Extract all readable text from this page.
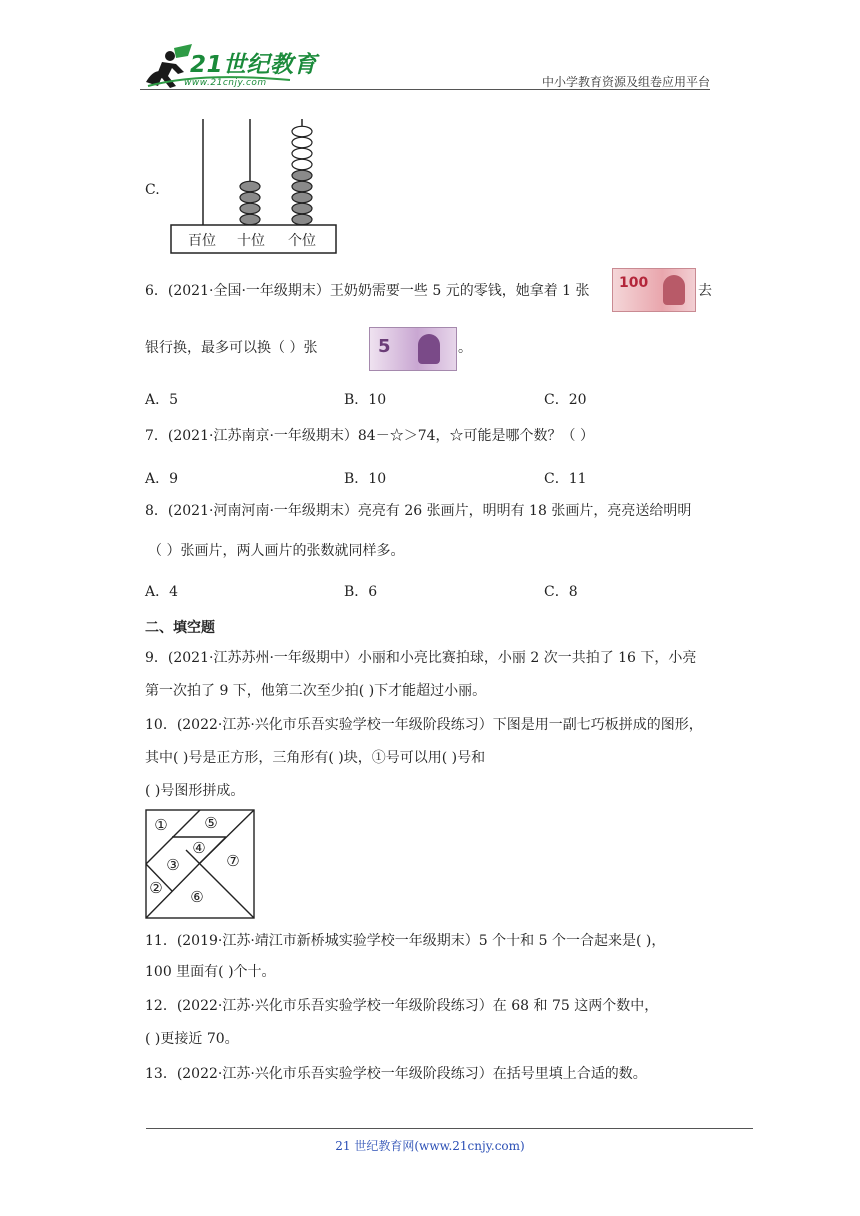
21世纪教育
www.21cnjy.com	中小学教育资源及组卷应用平台
C.
百位 十位 个位
6．(2021·全国·一年级期末）王奶奶需要一些 5 元的零钱，她拿着 1 张 100	去
银行换，最多可以换（ ）张	5	。
A．5	B．10	C．20
7．(2021·江苏南京·一年级期末）84－☆＞74，☆可能是哪个数？（ ）
A．9	B．10	C．11
8．(2021·河南河南·一年级期末）亮亮有 26 张画片，明明有 18 张画片，亮亮送给明明
（ ）张画片，两人画片的张数就同样多。
A．4	B．6	C．8
二、填空题
9．(2021·江苏苏州·一年级期中）小丽和小亮比赛拍球，小丽 2 次一共拍了 16 下，小亮
第一次拍了 9 下，他第二次至少拍( )下才能超过小丽。
10．(2022·江苏·兴化市乐吾实验学校一年级阶段练习）下图是用一副七巧板拼成的图形，
其中( )号是正方形，三角形有( )块，①号可以用( )号和
( )号图形拼成。
① ⑤
④
③	⑦
② ⑥
11．(2019·江苏·靖江市新桥城实验学校一年级期末）5 个十和 5 个一合起来是( )，
100 里面有( )个十。
12．(2022·江苏·兴化市乐吾实验学校一年级阶段练习）在 68 和 75 这两个数中，
( )更接近 70。
13．(2022·江苏·兴化市乐吾实验学校一年级阶段练习）在括号里填上合适的数。
21 世纪教育网(www.21cnjy.com)
